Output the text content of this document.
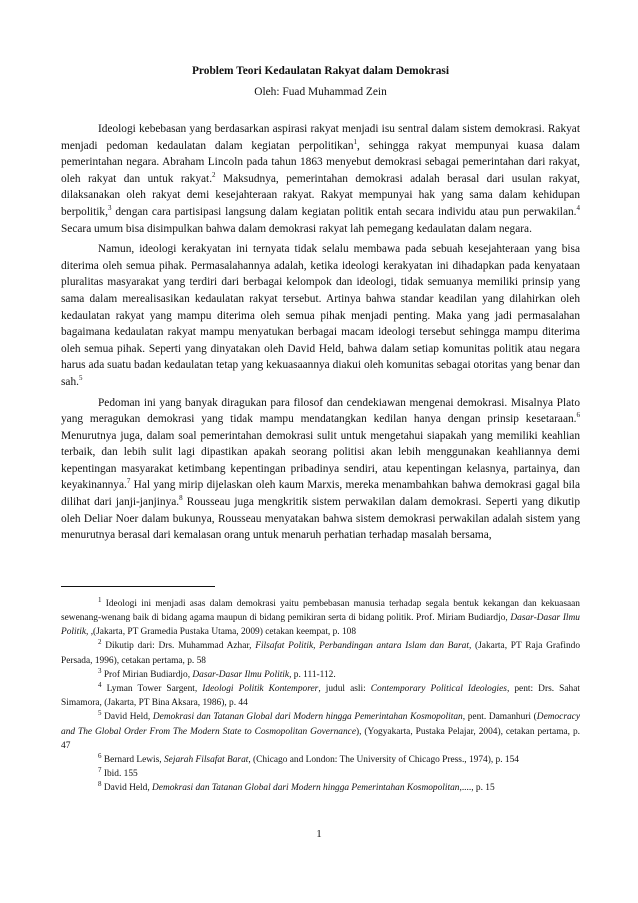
Problem Teori Kedaulatan Rakyat dalam Demokrasi

Oleh: Fuad Muhammad Zein

Ideologi kebebasan yang berdasarkan aspirasi rakyat menjadi isu sentral dalam sistem demokrasi. Rakyat menjadi pedoman kedaulatan dalam kegiatan perpolitikan$^1$, sehingga rakyat mempunyai kuasa dalam pemerintahan negara. Abraham Lincoln pada tahun 1863 menyebut demokrasi sebagai pemerintahan dari rakyat, oleh rakyat dan untuk rakyat.$^2$ Maksudnya, pemerintahan demokrasi adalah berasal dari usulan rakyat, dilaksanakan oleh rakyat demi kesejahteraan rakyat. Rakyat mempunyai hak yang sama dalam kehidupan berpolitik,$^3$ dengan cara partisipasi langsung dalam kegiatan politik entah secara individu atau pun perwakilan.$^4$ Secara umum bisa disimpulkan bahwa dalam demokrasi rakyat lah pemegang kedaulatan dalam negara.

Namun, ideologi kerakyatan ini ternyata tidak selalu membawa pada sebuah kesejahteraan yang bisa diterima oleh semua pihak. Permasalahannya adalah, ketika ideologi kerakyatan ini dihadapkan pada kenyataan pluralitas masyarakat yang terdiri dari berbagai kelompok dan ideologi, tidak semuanya memiliki prinsip yang sama dalam merealisasikan kedaulatan rakyat tersebut. Artinya bahwa standar keadilan yang dilahirkan oleh kedaulatan rakyat yang mampu diterima oleh semua pihak menjadi penting. Maka yang jadi permasalahan bagaimana kedaulatan rakyat mampu menyatukan berbagai macam ideologi tersebut sehingga mampu diterima oleh semua pihak. Seperti yang dinyatakan oleh David Held, bahwa dalam setiap komunitas politik atau negara harus ada suatu badan kedaulatan tetap yang kekuasaannya diakui oleh komunitas sebagai otoritas yang benar dan sah.$^5$

Pedoman ini yang banyak diragukan para filosof dan cendekiawan mengenai demokrasi. Misalnya Plato yang meragukan demokrasi yang tidak mampu mendatangkan kedilan hanya dengan prinsip kesetaraan.$^6$ Menurutnya juga, dalam soal pemerintahan demokrasi sulit untuk mengetahui siapakah yang memiliki keahlian terbaik, dan lebih sulit lagi dipastikan apakah seorang politisi akan lebih menggunakan keahliannya demi kepentingan masyarakat ketimbang kepentingan pribadinya sendiri, atau kepentingan kelasnya, partainya, dan keyakinannya.$^7$ Hal yang mirip dijelaskan oleh kaum Marxis, mereka menambahkan bahwa demokrasi gagal bila dilihat dari janji-janjinya.$^8$ Rousseau juga mengkritik sistem perwakilan dalam demokrasi. Seperti yang dikutip oleh Deliar Noer dalam bukunya, Rousseau menyatakan bahwa sistem demokrasi perwakilan adalah sistem yang menurutnya berasal dari kemalasan orang untuk menaruh perhatian terhadap masalah bersama,

$^1$ Ideologi ini menjadi asas dalam demokrasi yaitu pembebasan manusia terhadap segala bentuk kekangan dan kekuasaan sewenang-wenang baik di bidang agama maupun di bidang pemikiran serta di bidang politik. Prof. Miriam Budiardjo, Dasar-Dasar Ilmu Politik, ,(Jakarta, PT Gramedia Pustaka Utama, 2009) cetakan keempat, p. 108

$^2$ Dikutip dari: Drs. Muhammad Azhar, Filsafat Politik, Perbandingan antara Islam dan Barat, (Jakarta, PT Raja Grafindo Persada, 1996), cetakan pertama, p. 58

$^3$ Prof Mirian Budiardjo, Dasar-Dasar Ilmu Politik, p. 111-112.

$^4$ Lyman Tower Sargent, Ideologi Politik Kontemporer, judul asli: Contemporary Political Ideologies, pent: Drs. Sahat Simamora, (Jakarta, PT Bina Aksara, 1986), p. 44

$^5$ David Held, Demokrasi dan Tatanan Global dari Modern hingga Pemerintahan Kosmopolitan, pent. Damanhuri (Democracy and The Global Order From The Modern State to Cosmopolitan Governance), (Yogyakarta, Pustaka Pelajar, 2004), cetakan pertama, p. 47

$^6$ Bernard Lewis, Sejarah Filsafat Barat, (Chicago and London: The University of Chicago Press., 1974), p. 154

$^7$ Ibid. 155

$^8$ David Held, Demokrasi dan Tatanan Global dari Modern hingga Pemerintahan Kosmopolitan,...., p. 15

1
